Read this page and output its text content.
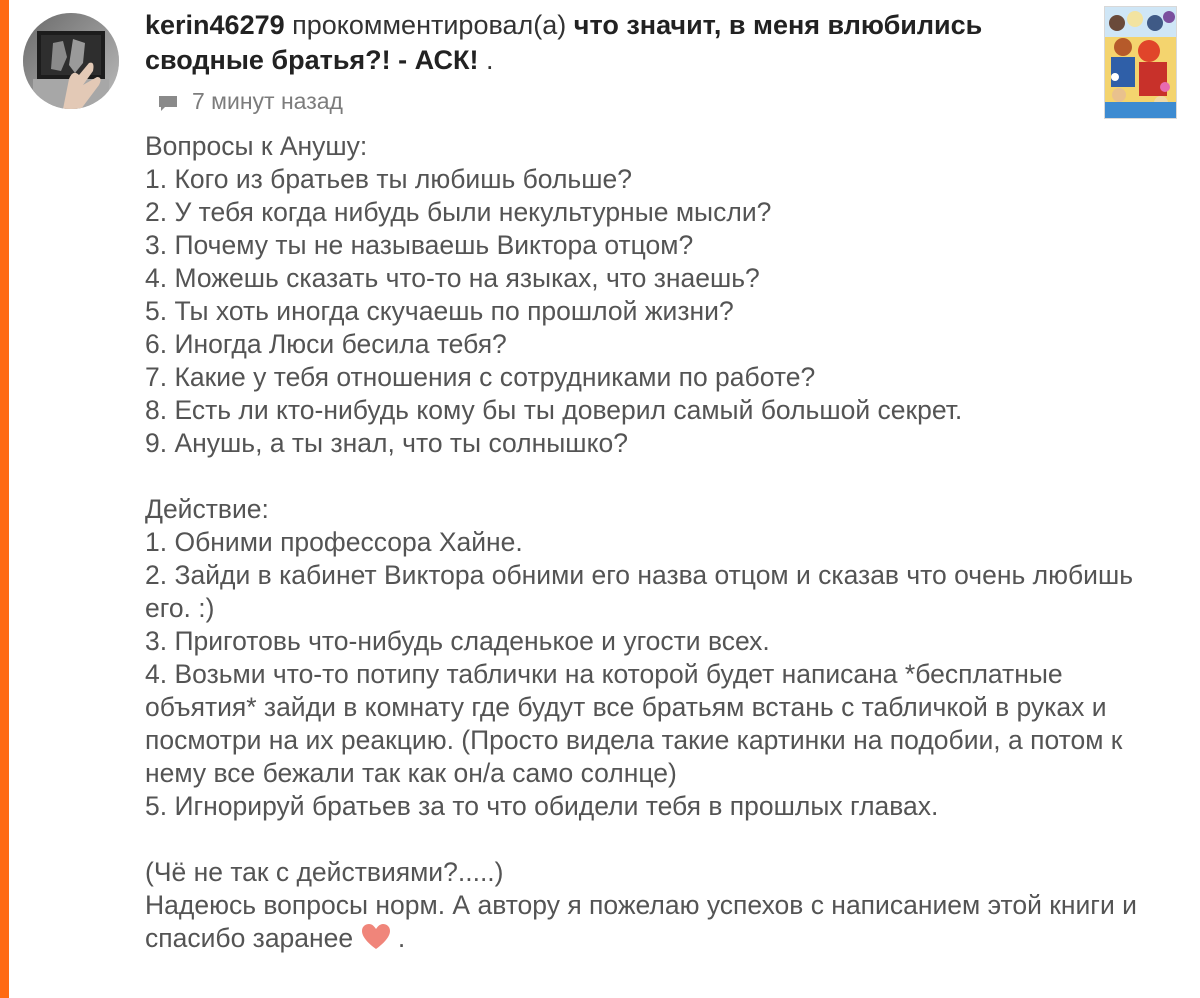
kerin46279 прокомментировал(а) что значит, в меня влюбились сводные братья?! - АСК! .
7 минут назад

Вопросы к Анушу:

1. Кого из братьев ты любишь больше?

2. У тебя когда нибудь были некультурные мысли?

3. Почему ты не называешь Виктора отцом?

4. Можешь сказать что-то на языках, что знаешь?

5. Ты хоть иногда скучаешь по прошлой жизни?

6. Иногда Люси бесила тебя?

7. Какие у тебя отношения с сотрудниками по работе?

8. Есть ли кто-нибудь кому бы ты доверил самый большой секрет.

9. Анушь, а ты знал, что ты солнышко?

Действие:

1. Обними профессора Хайне.

2. Зайди в кабинет Виктора обними его назва отцом и сказав что очень любишь его. :)

3. Приготовь что-нибудь сладенькое и угости всех.

4. Возьми что-то потипу таблички на которой будет написана *бесплатные объятия* зайди в комнату где будут все братьям встань с табличкой в руках и посмотри на их реакцию. (Просто видела такие картинки на подобии, а потом к нему все бежали так как он/а само солнце)

5. Игнорируй братьев за то что обидели тебя в прошлых главах.

(Чё не так с действиями?.....)

Надеюсь вопросы норм. А автору я пожелаю успехов с написанием этой книги и спасибо заранее .
